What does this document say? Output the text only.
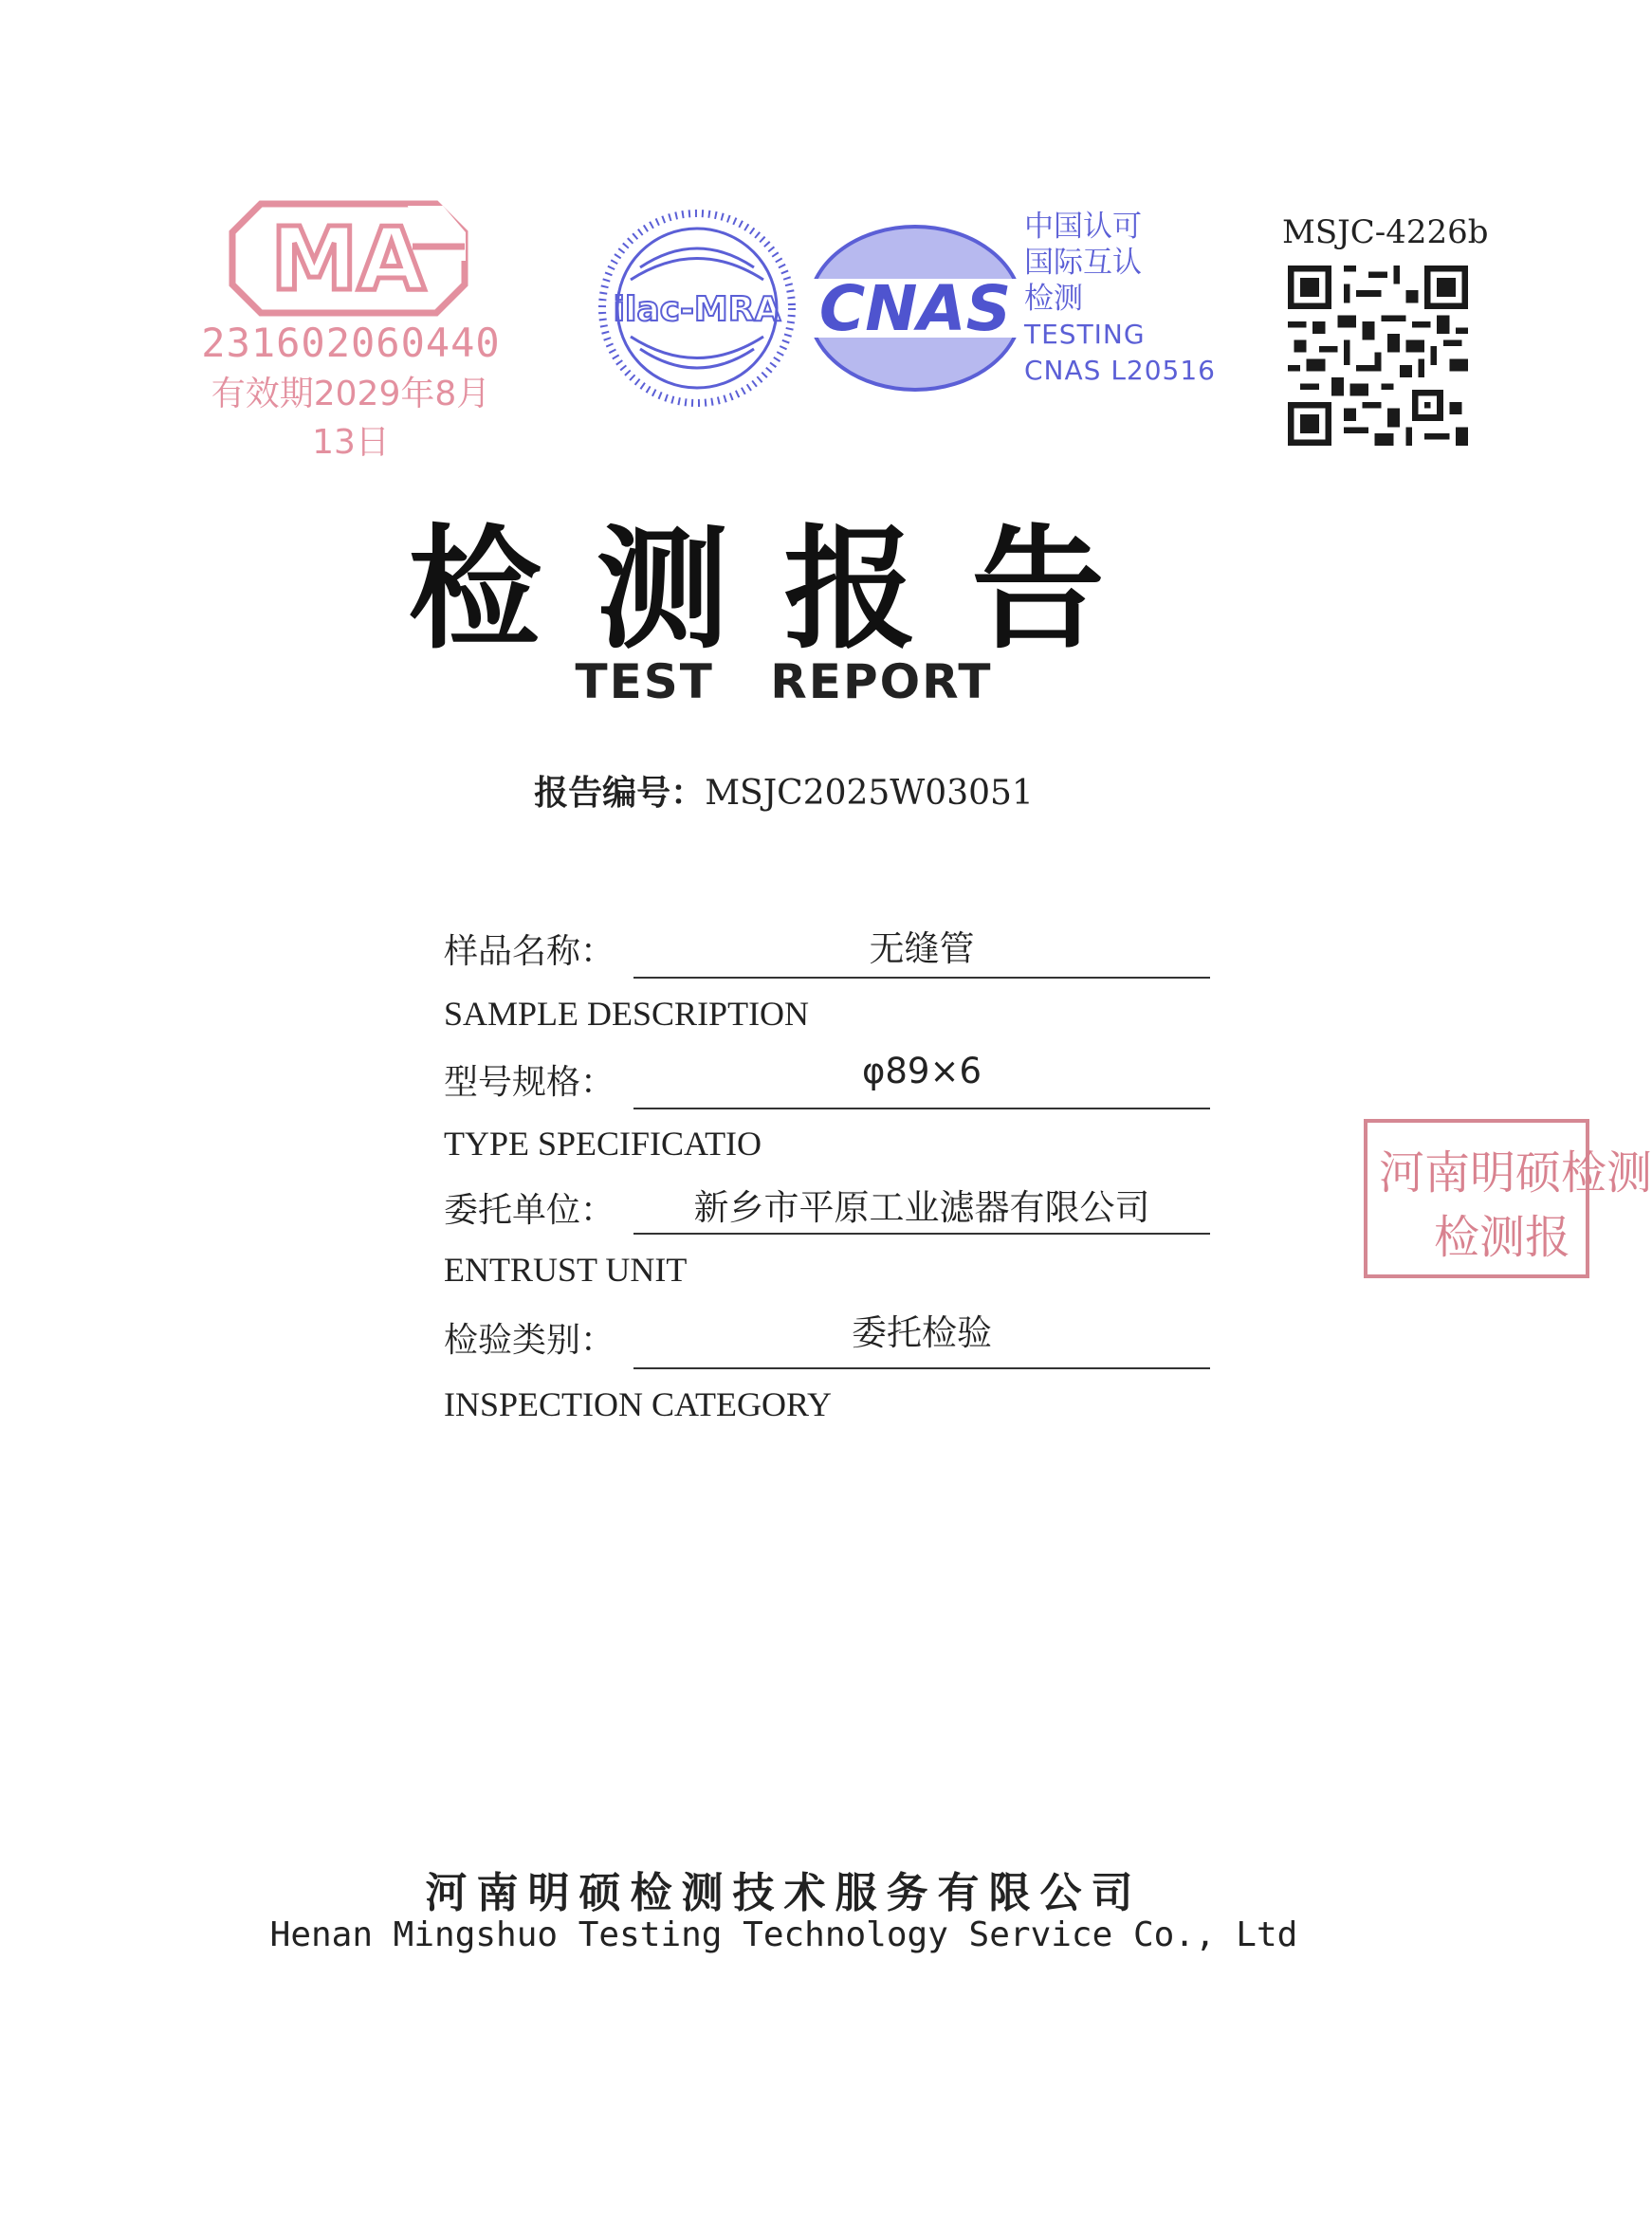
MA
231602060440
有效期2029年8月13日
ilac-MRA CNAS
中国认可
国际互认
检测
TESTING
CNAS L20516
MSJC-4226b
检测报告
TEST REPORT
报告编号：MSJC2025W03051
样品名称：	无缝管
SAMPLE DESCRIPTION
型号规格：	φ89×6
TYPE SPECIFICATIO
委托单位：	新乡市平原工业滤器有限公司
ENTRUST UNIT
检验类别：	委托检验
INSPECTION CATEGORY
河南明硕检测
检测报
河南明硕检测技术服务有限公司
Henan Mingshuo Testing Technology Service Co., Ltd
